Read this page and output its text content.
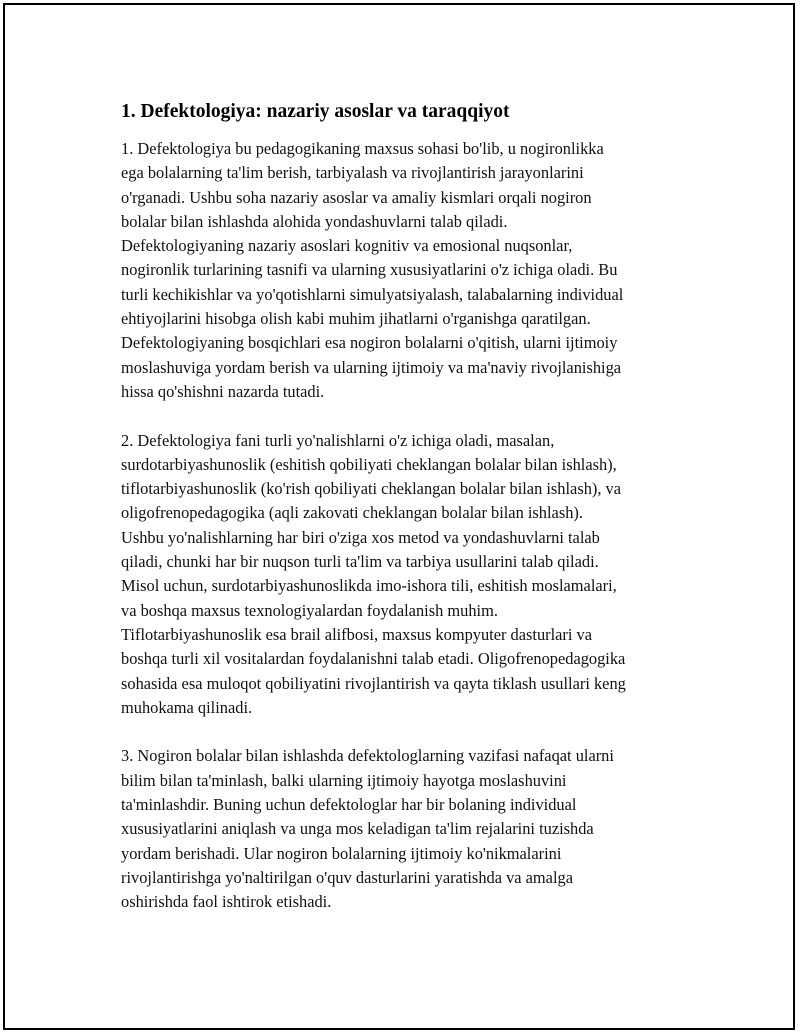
1. Defektologiya: nazariy asoslar va taraqqiyot

1. Defektologiya bu pedagogikaning maxsus sohasi bo'lib, u nogironlikka
ega bolalarning ta'lim berish, tarbiyalash va rivojlantirish jarayonlarini
o'rganadi. Ushbu soha nazariy asoslar va amaliy kismlari orqali nogiron
bolalar bilan ishlashda alohida yondashuvlarni talab qiladi.
Defektologiyaning nazariy asoslari kognitiv va emosional nuqsonlar,
nogironlik turlarining tasnifi va ularning xususiyatlarini o'z ichiga oladi. Bu
turli kechikishlar va yo'qotishlarni simulyatsiyalash, talabalarning individual
ehtiyojlarini hisobga olish kabi muhim jihatlarni o'rganishga qaratilgan.
Defektologiyaning bosqichlari esa nogiron bolalarni o'qitish, ularni ijtimoiy
moslashuviga yordam berish va ularning ijtimoiy va ma'naviy rivojlanishiga
hissa qo'shishni nazarda tutadi.

2. Defektologiya fani turli yo'nalishlarni o'z ichiga oladi, masalan,
surdotarbiyashunoslik (eshitish qobiliyati cheklangan bolalar bilan ishlash),
tiflotarbiyashunoslik (ko'rish qobiliyati cheklangan bolalar bilan ishlash), va
oligofrenopedagogika (aqli zakovati cheklangan bolalar bilan ishlash).
Ushbu yo'nalishlarning har biri o'ziga xos metod va yondashuvlarni talab
qiladi, chunki har bir nuqson turli ta'lim va tarbiya usullarini talab qiladi.
Misol uchun, surdotarbiyashunoslikda imo-ishora tili, eshitish moslamalari,
va boshqa maxsus texnologiyalardan foydalanish muhim.
Tiflotarbiyashunoslik esa brail alifbosi, maxsus kompyuter dasturlari va
boshqa turli xil vositalardan foydalanishni talab etadi. Oligofrenopedagogika
sohasida esa muloqot qobiliyatini rivojlantirish va qayta tiklash usullari keng
muhokama qilinadi.

3. Nogiron bolalar bilan ishlashda defektologlarning vazifasi nafaqat ularni
bilim bilan ta'minlash, balki ularning ijtimoiy hayotga moslashuvini
ta'minlashdir. Buning uchun defektologlar har bir bolaning individual
xususiyatlarini aniqlash va unga mos keladigan ta'lim rejalarini tuzishda
yordam berishadi. Ular nogiron bolalarning ijtimoiy ko'nikmalarini
rivojlantirishga yo'naltirilgan o'quv dasturlarini yaratishda va amalga
oshirishda faol ishtirok etishadi.
